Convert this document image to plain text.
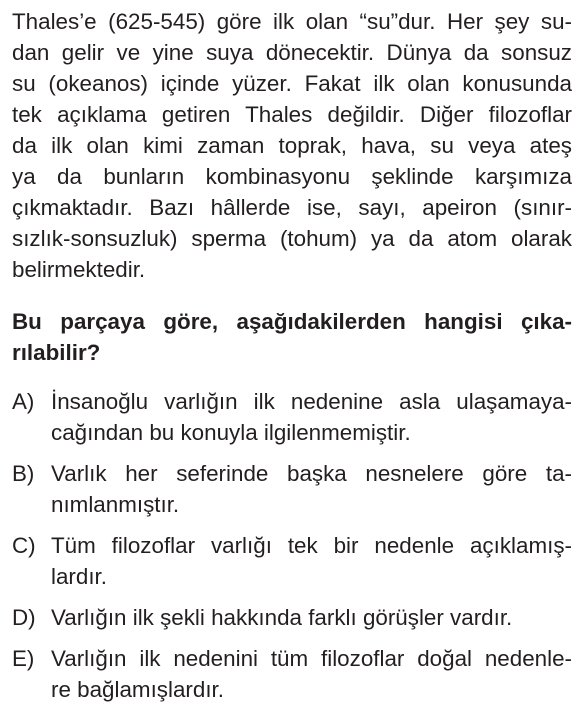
Thales’e (625-545) göre ilk olan “su”dur. Her şey su-
dan gelir ve yine suya dönecektir. Dünya da sonsuz
su (okeanos) içinde yüzer. Fakat ilk olan konusunda
tek açıklama getiren Thales değildir. Diğer filozoflar
da ilk olan kimi zaman toprak, hava, su veya ateş
ya da bunların kombinasyonu şeklinde karşımıza
çıkmaktadır. Bazı hâllerde ise, sayı, apeiron (sınır-
sızlık-sonsuzluk) sperma (tohum) ya da atom olarak
belirmektedir.
Bu parçaya göre, aşağıdakilerden hangisi çıka-
rılabilir?
A) İnsanoğlu varlığın ilk nedenine asla ulaşamaya-
cağından bu konuyla ilgilenmemiştir.
B) Varlık her seferinde başka nesnelere göre ta-
nımlanmıştır.
C) Tüm filozoflar varlığı tek bir nedenle açıklamış-
lardır.
D) Varlığın ilk şekli hakkında farklı görüşler vardır.
E) Varlığın ilk nedenini tüm filozoflar doğal nedenle-
re bağlamışlardır.
